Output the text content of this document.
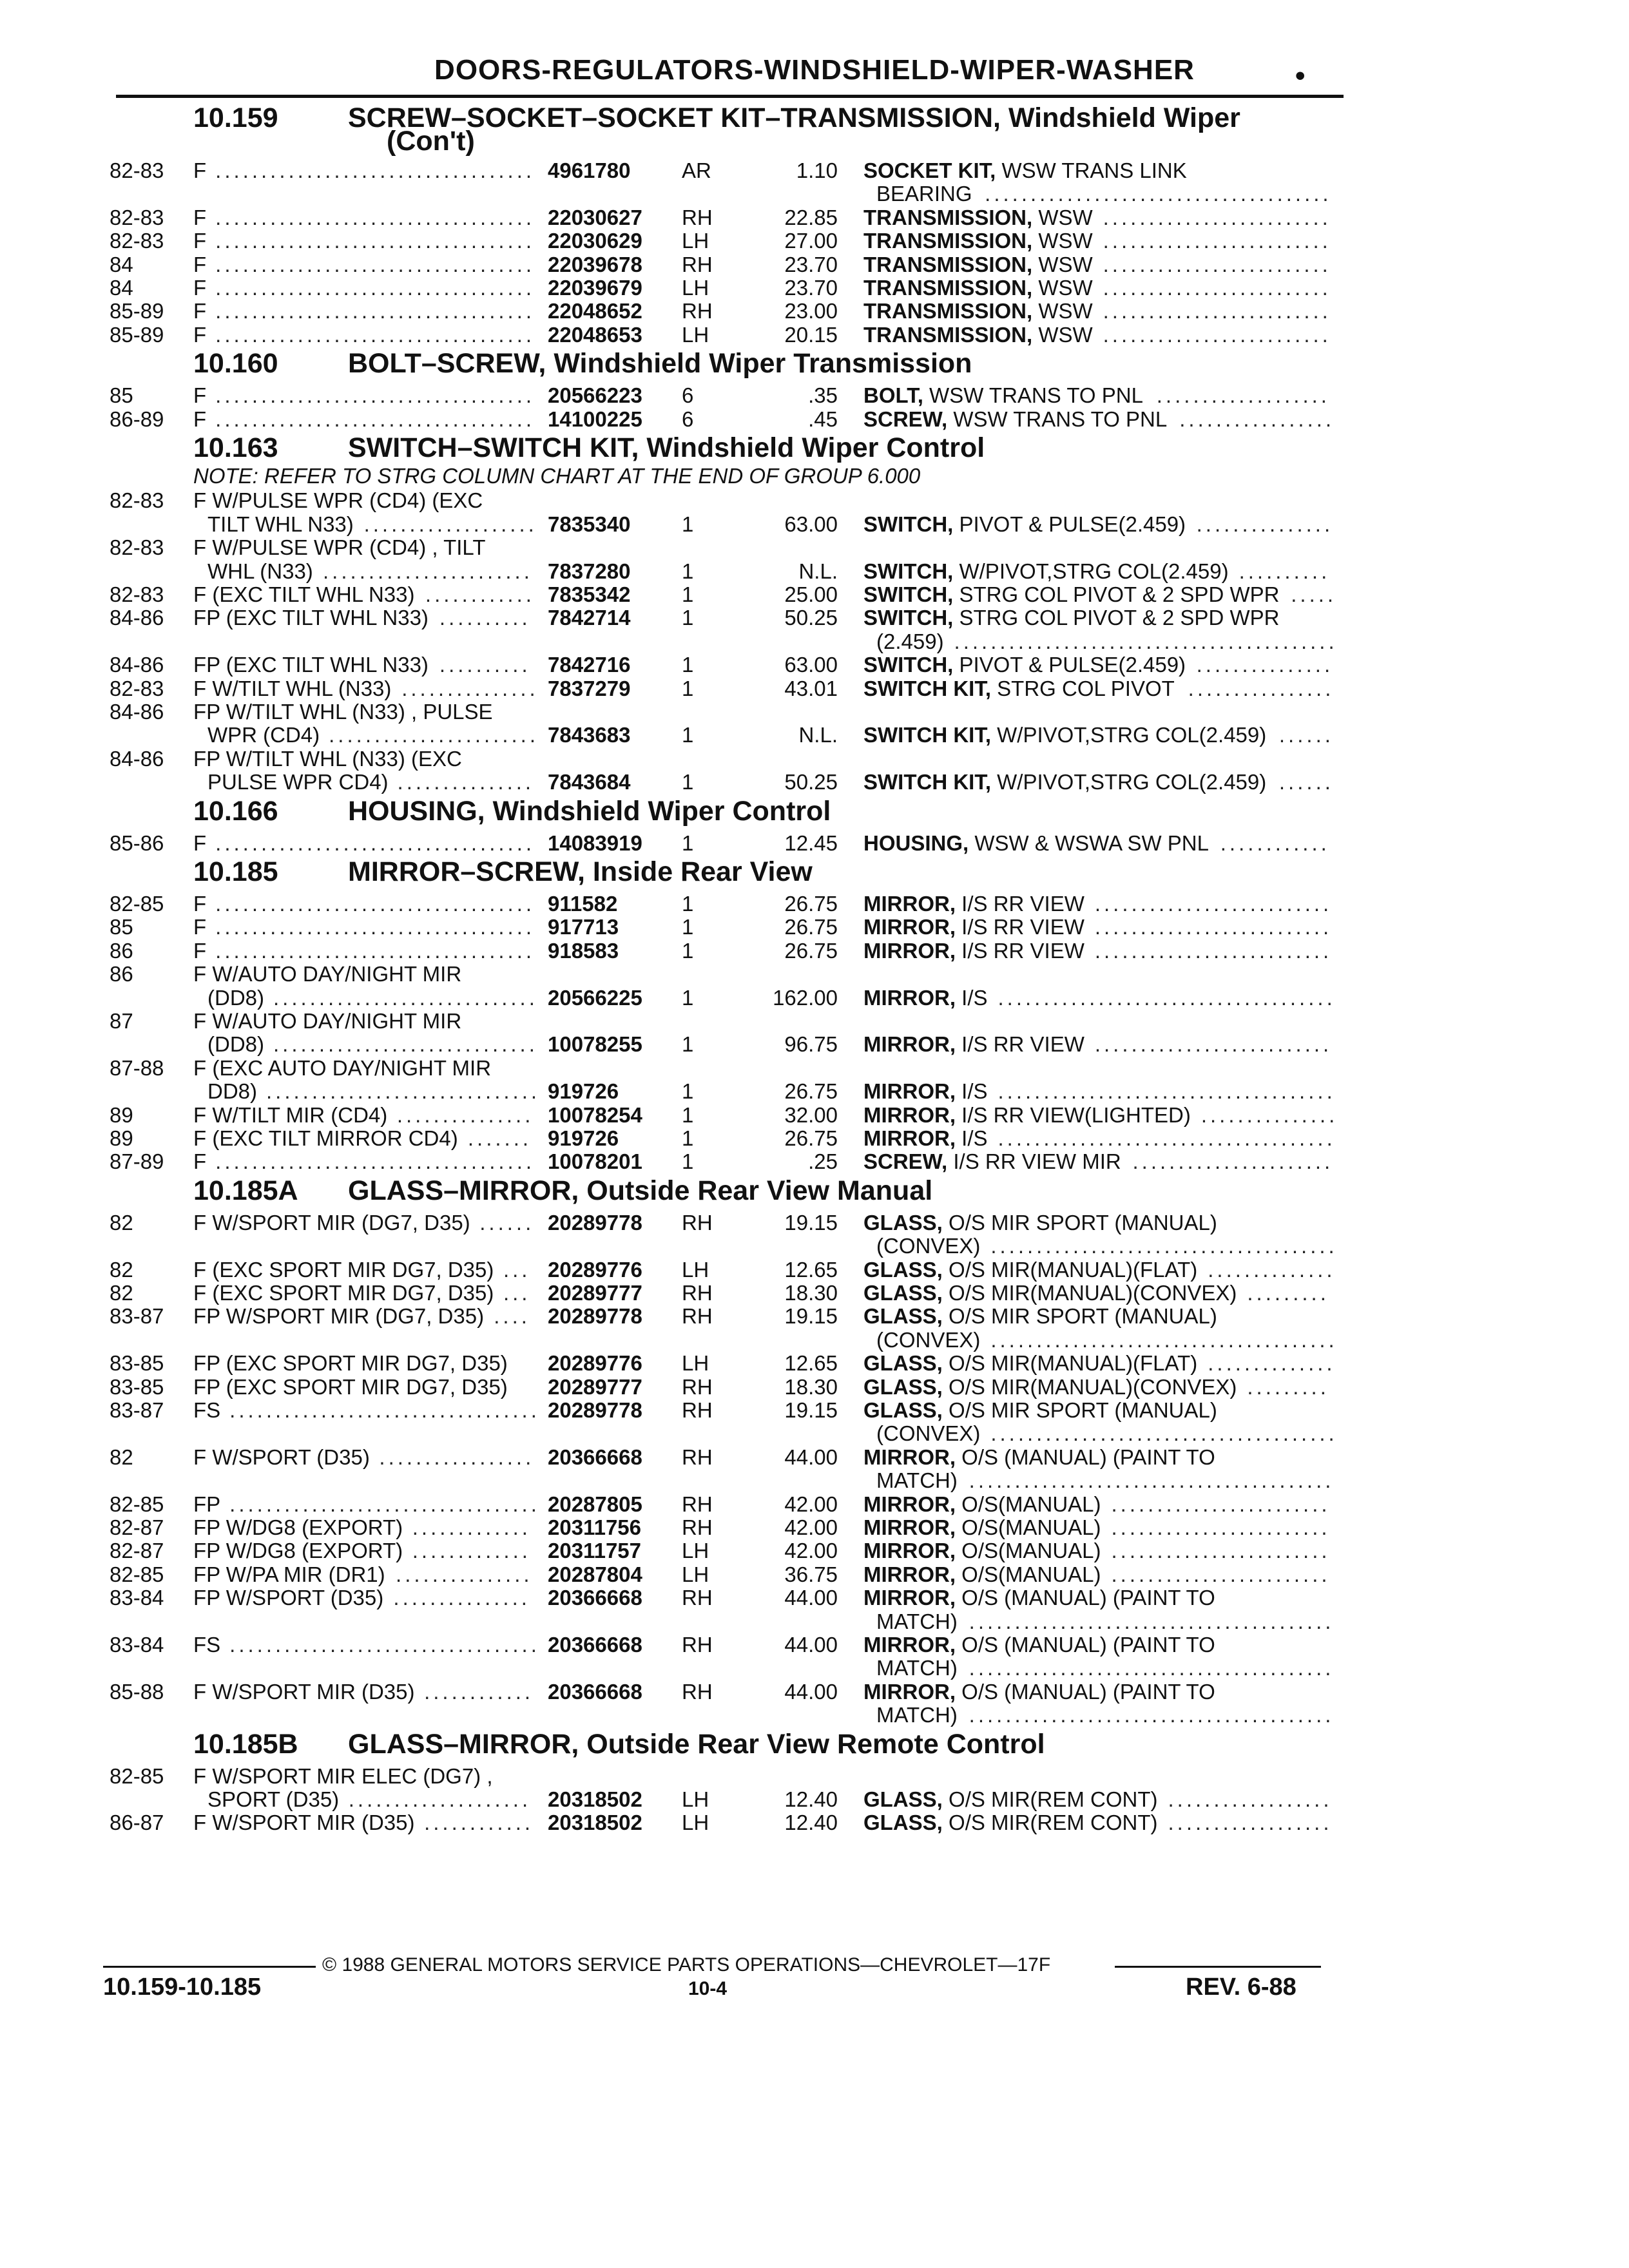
DOORS-REGULATORS-WINDSHIELD-WIPER-WASHER	•
10.159	SCREW–SOCKET–SOCKET KIT–TRANSMISSION, Windshield Wiper
(Con't)
82-83 F ................................... 4961780 AR	1.10 SOCKET KIT, WSW TRANS LINK
BEARING ......................................
82-83 F ................................... 22030627 RH	22.85 TRANSMISSION, WSW .........................
82-83 F ................................... 22030629 LH	27.00 TRANSMISSION, WSW .........................
84	F ................................... 22039678 RH	23.70 TRANSMISSION, WSW .........................
84	F ................................... 22039679 LH	23.70 TRANSMISSION, WSW .........................
85-89 F ................................... 22048652 RH	23.00 TRANSMISSION, WSW .........................
85-89 F ................................... 22048653 LH	20.15 TRANSMISSION, WSW .........................
10.160	BOLT–SCREW, Windshield Wiper Transmission
85	F ................................... 20566223 6	.35 BOLT, WSW TRANS TO PNL ...................
86-89 F ................................... 14100225 6	.45 SCREW, WSW TRANS TO PNL .................
10.163	SWITCH–SWITCH KIT, Windshield Wiper Control
NOTE: REFER TO STRG COLUMN CHART AT THE END OF GROUP 6.000
82-83 F W/PULSE WPR (CD4) (EXC
TILT WHL N33) ................... 7835340 1	63.00 SWITCH, PIVOT & PULSE(2.459) ...............
82-83 F W/PULSE WPR (CD4) , TILT
WHL (N33) ....................... 7837280 1	N.L. SWITCH, W/PIVOT,STRG COL(2.459) ..........
82-83 F (EXC TILT WHL N33) ............ 7835342 1	25.00 SWITCH, STRG COL PIVOT & 2 SPD WPR .....
84-86 FP (EXC TILT WHL N33) .......... 7842714 1	50.25 SWITCH, STRG COL PIVOT & 2 SPD WPR
(2.459) ..........................................
84-86 FP (EXC TILT WHL N33) .......... 7842716 1	63.00 SWITCH, PIVOT & PULSE(2.459) ...............
82-83 F W/TILT WHL (N33) ............... 7837279 1	43.01 SWITCH KIT, STRG COL PIVOT ................
84-86 FP W/TILT WHL (N33) , PULSE
WPR (CD4) ....................... 7843683 1	N.L. SWITCH KIT, W/PIVOT,STRG COL(2.459) ......
84-86 FP W/TILT WHL (N33) (EXC
PULSE WPR CD4) ............... 7843684 1	50.25 SWITCH KIT, W/PIVOT,STRG COL(2.459) ......
10.166	HOUSING, Windshield Wiper Control
85-86 F ................................... 14083919 1	12.45 HOUSING, WSW & WSWA SW PNL ............
10.185	MIRROR–SCREW, Inside Rear View
82-85 F ................................... 911582	1	26.75 MIRROR, I/S RR VIEW ..........................
85	F ................................... 917713	1	26.75 MIRROR, I/S RR VIEW ..........................
86	F ................................... 918583	1	26.75 MIRROR, I/S RR VIEW ..........................
86	F W/AUTO DAY/NIGHT MIR
(DD8) ............................. 20566225 1	162.00 MIRROR, I/S .....................................
87	F W/AUTO DAY/NIGHT MIR
(DD8) ............................. 10078255 1	96.75 MIRROR, I/S RR VIEW ..........................
87-88 F (EXC AUTO DAY/NIGHT MIR
DD8) .............................. 919726	1	26.75 MIRROR, I/S .....................................
89	F W/TILT MIR (CD4) ............... 10078254 1	32.00 MIRROR, I/S RR VIEW(LIGHTED) ...............
89	F (EXC TILT MIRROR CD4) ....... 919726	1	26.75 MIRROR, I/S .....................................
87-89 F ................................... 10078201 1	.25 SCREW, I/S RR VIEW MIR ......................
10.185A GLASS–MIRROR, Outside Rear View Manual
82	F W/SPORT MIR (DG7, D35) ...... 20289778 RH	19.15 GLASS, O/S MIR SPORT (MANUAL)
(CONVEX) ......................................
82	F (EXC SPORT MIR DG7, D35) ... 20289776 LH	12.65 GLASS, O/S MIR(MANUAL)(FLAT) ..............
82	F (EXC SPORT MIR DG7, D35) ... 20289777 RH	18.30 GLASS, O/S MIR(MANUAL)(CONVEX) .........
83-87 FP W/SPORT MIR (DG7, D35) .... 20289778 RH	19.15 GLASS, O/S MIR SPORT (MANUAL)
(CONVEX) ......................................
83-85 FP (EXC SPORT MIR DG7, D35) 20289776 LH	12.65 GLASS, O/S MIR(MANUAL)(FLAT) ..............
83-85 FP (EXC SPORT MIR DG7, D35) 20289777 RH	18.30 GLASS, O/S MIR(MANUAL)(CONVEX) .........
83-87 FS .................................. 20289778 RH	19.15 GLASS, O/S MIR SPORT (MANUAL)
(CONVEX) ......................................
82	F W/SPORT (D35) ................. 20366668 RH	44.00 MIRROR, O/S (MANUAL) (PAINT TO
MATCH) ........................................
82-85 FP .................................. 20287805 RH	42.00 MIRROR, O/S(MANUAL) ........................
82-87 FP W/DG8 (EXPORT) ............. 20311756 RH	42.00 MIRROR, O/S(MANUAL) ........................
82-87 FP W/DG8 (EXPORT) ............. 20311757 LH	42.00 MIRROR, O/S(MANUAL) ........................
82-85 FP W/PA MIR (DR1) ............... 20287804 LH	36.75 MIRROR, O/S(MANUAL) ........................
83-84 FP W/SPORT (D35) ............... 20366668 RH	44.00 MIRROR, O/S (MANUAL) (PAINT TO
MATCH) ........................................
83-84 FS .................................. 20366668 RH	44.00 MIRROR, O/S (MANUAL) (PAINT TO
MATCH) ........................................
85-88 F W/SPORT MIR (D35) ............ 20366668 RH	44.00 MIRROR, O/S (MANUAL) (PAINT TO
MATCH) ........................................
10.185B GLASS–MIRROR, Outside Rear View Remote Control
82-85 F W/SPORT MIR ELEC (DG7) ,
SPORT (D35) .................... 20318502 LH	12.40 GLASS, O/S MIR(REM CONT) ..................
86-87 F W/SPORT MIR (D35) ............ 20318502 LH	12.40 GLASS, O/S MIR(REM CONT) ..................
© 1988 GENERAL MOTORS SERVICE PARTS OPERATIONS—CHEVROLET—17F
10.159-10.185	10-4	REV. 6-88
